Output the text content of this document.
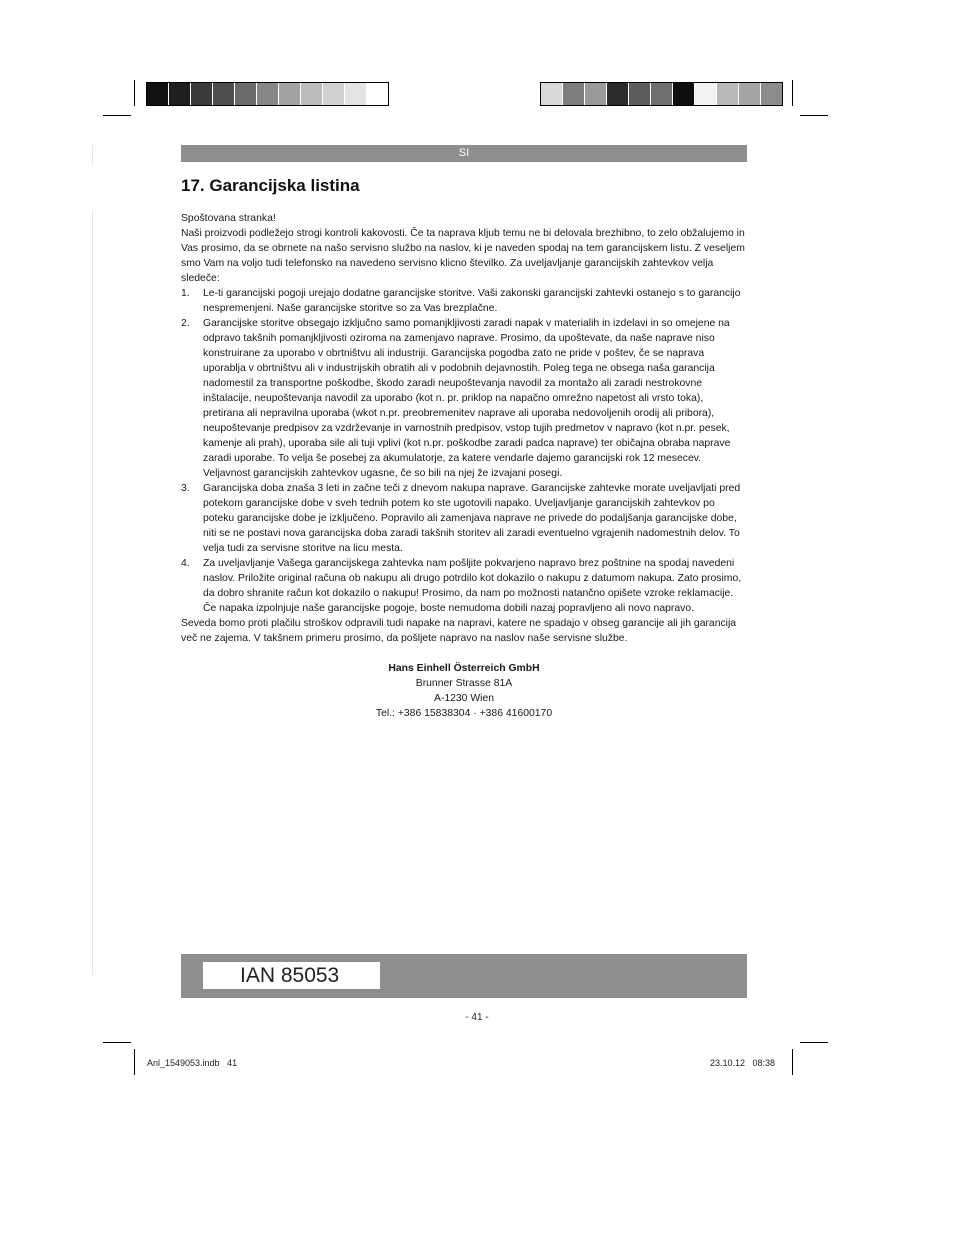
SI
17. Garancijska listina

Spoštovana stranka!

Naši proizvodi podležejo strogi kontroli kakovosti. Če ta naprava kljub temu ne bi delovala brezhibno, to zelo obžalujemo in Vas prosimo, da se obrnete na našo servisno službo na naslov, ki je naveden spodaj na tem garancijskem listu. Z veseljem smo Vam na voljo tudi telefonsko na navedeno servisno klicno številko. Za uveljavljanje garancijskih zahtevkov velja sledeče:

1. Le-ti garancijski pogoji urejajo dodatne garancijske storitve. Vaši zakonski garancijski zahtevki ostanejo s to garancijo nespremenjeni. Naše garancijske storitve so za Vas brezplačne.
2. Garancijske storitve obsegajo izključno samo pomanjkljivosti zaradi napak v materialih in izdelavi in so omejene na odpravo takšnih pomanjkljivosti oziroma na zamenjavo naprave. Prosimo, da upoštevate, da naše naprave niso konstruirane za uporabo v obrtništvu ali industriji. Garancijska pogodba zato ne pride v poštev, če se naprava uporablja v obrtništvu ali v industrijskih obratih ali v podobnih dejavnostih. Poleg tega ne obsega naša garancija nadomestil za transportne poškodbe, škodo zaradi neupoštevanja navodil za montažo ali zaradi nestrokovne inštalacije, neupoštevanja navodil za uporabo (kot n. pr. priklop na napačno omrežno napetost ali vrsto toka), pretirana ali nepravilna uporaba (wkot n.pr. preobremenitev naprave ali uporaba nedovoljenih orodij ali pribora), neupoštevanje predpisov za vzdrževanje in varnostnih predpisov, vstop tujih predmetov v napravo (kot n.pr. pesek, kamenje ali prah), uporaba sile ali tuji vplivi (kot n.pr. poškodbe zaradi padca naprave) ter običajna obraba naprave zaradi uporabe. To velja še posebej za akumulatorje, za katere vendarle dajemo garancijski rok 12 mesecev. Veljavnost garancijskih zahtevkov ugasne, če so bili na njej že izvajani posegi.
3. Garancijska doba znaša 3 leti in začne teči z dnevom nakupa naprave. Garancijske zahtevke morate uveljavljati pred potekom garancijske dobe v sveh tednih potem ko ste ugotovili napako. Uveljavljanje garancijskih zahtevkov po poteku garancijske dobe je izključeno. Popravilo ali zamenjava naprave ne privede do podaljšanja garancijske dobe, niti se ne postavi nova garancijska doba zaradi takšnih storitev ali zaradi eventuelno vgrajenih nadomestnih delov. To velja tudi za servisne storitve na licu mesta.
4. Za uveljavljanje Vašega garancijskega zahtevka nam pošljite pokvarjeno napravo brez poštnine na spodaj navedeni naslov. Priložite original računa ob nakupu ali drugo potrdilo kot dokazilo o nakupu z datumom nakupa. Zato prosimo, da dobro shranite račun kot dokazilo o nakupu! Prosimo, da nam po možnosti natančno opišete vzroke reklamacije. Če napaka izpolnjuje naše garancijske pogoje, boste nemudoma dobili nazaj popravljeno ali novo napravo.

Seveda bomo proti plačilu stroškov odpravili tudi napake na napravi, katere ne spadajo v obseg garancije ali jih garancija več ne zajema. V takšnem primeru prosimo, da pošljete napravo na naslov naše servisne službe.

Hans Einhell Österreich GmbH
Brunner Strasse 81A
A-1230 Wien
Tel.: +386 15838304 · +386 41600170
IAN 85053
- 41 -
Anl_1549053.indb   41	23.10.12   08:38
